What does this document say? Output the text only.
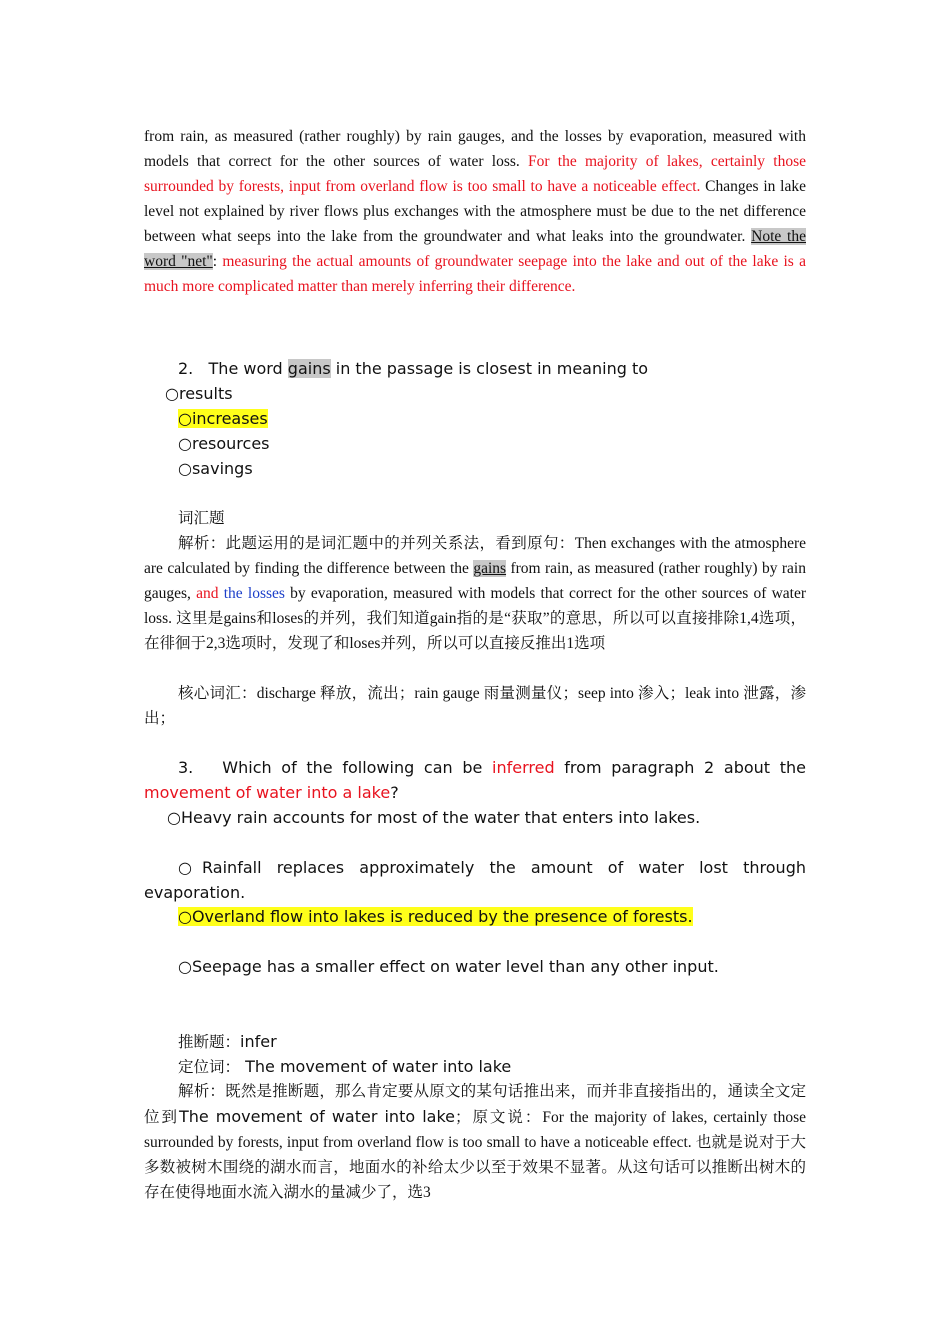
from rain, as measured (rather roughly) by rain gauges, and the losses by evaporation, measured with models that correct for the other sources of water loss. For the majority of lakes, certainly those surrounded by forests, input from overland flow is too small to have a noticeable effect. Changes in lake level not explained by river flows plus exchanges with the atmosphere must be due to the net difference between what seeps into the lake from the groundwater and what leaks into the groundwater. Note the word "net": measuring the actual amounts of groundwater seepage into the lake and out of the lake is a much more complicated matter than merely inferring their difference.

2.   The word gains in the passage is closest in meaning to
○results
○increases
○resources
○savings
词汇题

解析：此题运用的是词汇题中的并列关系法，看到原句：Then exchanges with the atmosphere are calculated by finding the difference between the gains from rain, as measured (rather roughly) by rain gauges, and the losses by evaporation, measured with models that correct for the other sources of water loss. 这里是gains和loses的并列，我们知道gain指的是“获取”的意思，所以可以直接排除1,4选项，在徘徊于2,3选项时，发现了和loses并列，所以可以直接反推出1选项

核心词汇：discharge 释放，流出；rain gauge 雨量测量仪；seep into 渗入；leak into 泄露，渗出；

3.   Which of the following can be inferred from paragraph 2 about the movement of water into a lake?

○Heavy rain accounts for most of the water that enters into lakes.

○Rainfall replaces approximately the amount of water lost through evaporation.

○Overland flow into lakes is reduced by the presence of forests.
○Seepage has a smaller effect on water level than any other input.
推断题：infer
定位词： The movement of water into lake

解析：既然是推断题，那么肯定要从原文的某句话推出来，而并非直接指出的，通读全文定位到The movement of water into lake；原文说：For the majority of lakes, certainly those surrounded by forests, input from overland flow is too small to have a noticeable effect. 也就是说对于大多数被树木围绕的湖水而言，地面水的补给太少以至于效果不显著。从这句话可以推断出树木的存在使得地面水流入湖水的量减少了，选3
